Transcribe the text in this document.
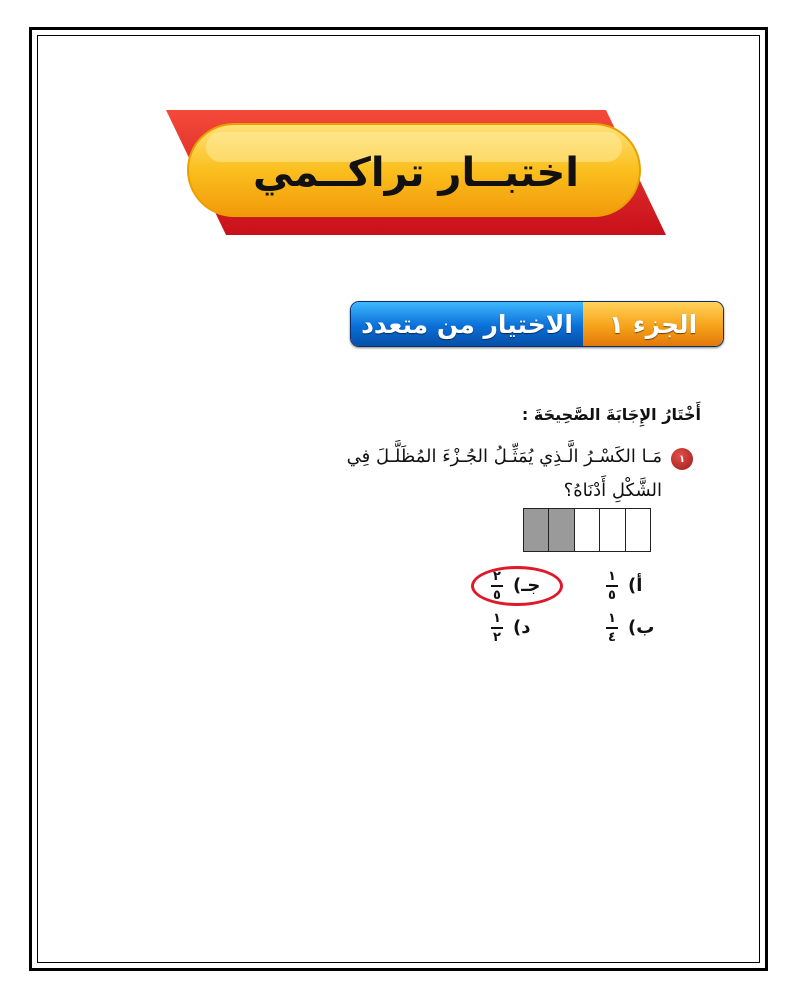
اختبــار تراكــمي
الاختيار من متعدد الجزء ١
أَخْتَارُ الإِجَابَةَ الصَّحِيحَةَ :
١
مَـا الكَسْـرُ الَّـذِي يُمَثِّـلُ الجُـزْءَ المُظَلَّـلَ فِي الشَّكْلِ أَدْنَاهُ؟
أ)
$\frac{١}{٥}$
ب)
$\frac{١}{٤}$
جـ)
$\frac{٢}{٥}$
د)
$\frac{١}{٢}$
